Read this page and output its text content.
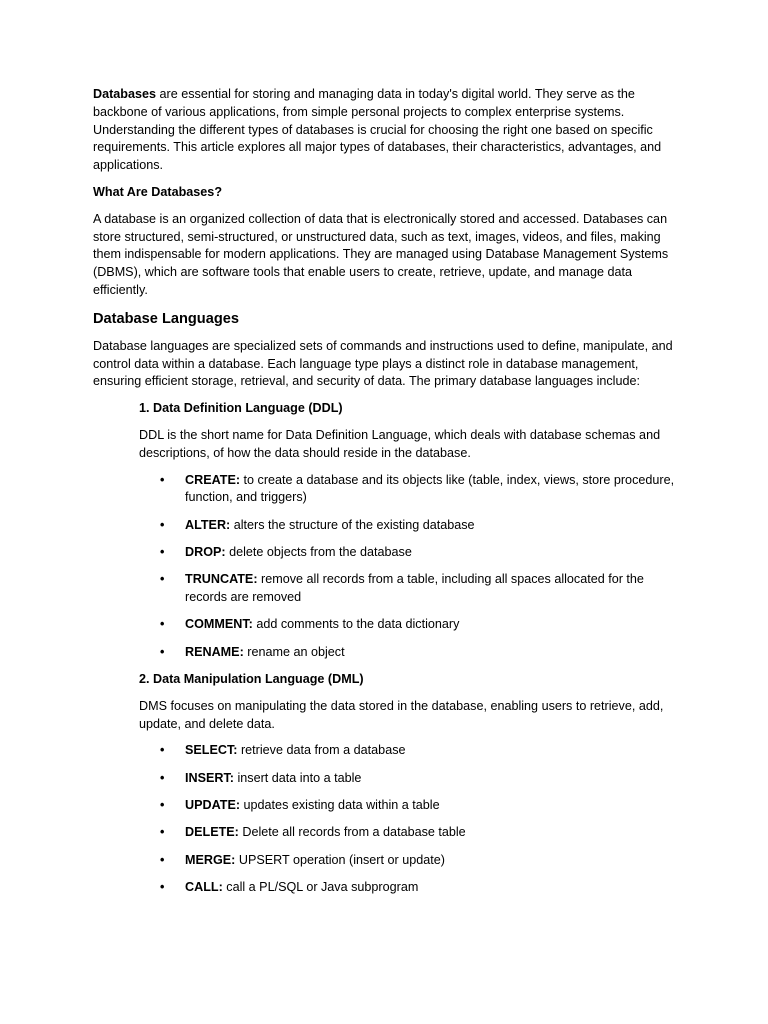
Databases are essential for storing and managing data in today's digital world. They serve as the backbone of various applications, from simple personal projects to complex enterprise systems. Understanding the different types of databases is crucial for choosing the right one based on specific requirements. This article explores all major types of databases, their characteristics, advantages, and applications.

What Are Databases?

A database is an organized collection of data that is electronically stored and accessed. Databases can store structured, semi-structured, or unstructured data, such as text, images, videos, and files, making them indispensable for modern applications. They are managed using Database Management Systems (DBMS), which are software tools that enable users to create, retrieve, update, and manage data efficiently.

Database Languages

Database languages are specialized sets of commands and instructions used to define, manipulate, and control data within a database. Each language type plays a distinct role in database management, ensuring efficient storage, retrieval, and security of data. The primary database languages include:

1. Data Definition Language (DDL)

DDL is the short name for Data Definition Language, which deals with database schemas and descriptions, of how the data should reside in the database.

• CREATE: to create a database and its objects like (table, index, views, store procedure, function, and triggers)
• ALTER: alters the structure of the existing database
• DROP: delete objects from the database
• TRUNCATE: remove all records from a table, including all spaces allocated for the records are removed
• COMMENT: add comments to the data dictionary
• RENAME: rename an object

2. Data Manipulation Language (DML)

DMS focuses on manipulating the data stored in the database, enabling users to retrieve, add, update, and delete data.

• SELECT: retrieve data from a database
• INSERT: insert data into a table
• UPDATE: updates existing data within a table
• DELETE: Delete all records from a database table
• MERGE: UPSERT operation (insert or update)
• CALL: call a PL/SQL or Java subprogram
